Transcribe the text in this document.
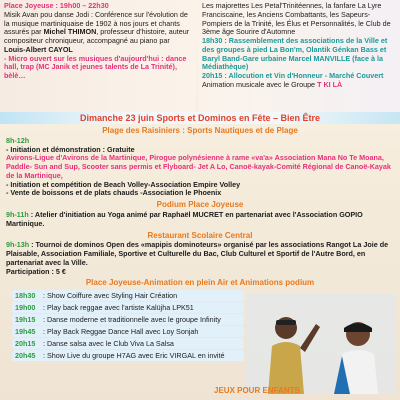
Place Joyeuse : 19h00 – 22h30

Misik Avan pou danse Jodi : Conférence sur l'évolution de la musique martiniquaise de 1902 à nos jours et chants assurés par Michel THIMON, professeur d'histoire, auteur compositeur chroniqueur, accompagné au piano par Louis-Albert CAYOL

- Micro ouvert sur les musiques d'aujourd'hui : dance hall, trap (MC Janik et jeunes talents de La Trinité), bèlè…

Les majorettes Les Petal'Trinitéennes, la fanfare La Lyre Franciscaine, les Anciens Combattants, les Sapeurs-Pompiers de la Trinité, les Élus et Personnalités, le Club de 3ème âge Sourire d'Automne

18h30 : Rassemblement des associations de la Ville et des groupes à pied La Bon'm, Olantik Génkan Bass et Baryl Band-Gare urbaine Marcel MANVILLE (face à la Médiathèque)

20h15 : Allocution et Vin d'Honneur - Marché Couvert

Animation musicale avec le Groupe T KI LÀ

Dimanche 23 juin Sports et Dominos en Fête – Bien Être
Plage des Raisiniers : Sports Nautiques et de Plage
8h-12h
- Initiation et démonstration : Gratuite
Avirons-Ligue d'Avirons de la Martinique, Pirogue polynésienne à rame «va'a» Association Mana No Te Moana, Paddle- Sun and Sup, Scooter sans permis et Flyboard- Jet A Lo, Canoë-kayak-Comité Régional de Canoë-Kayak de la Martinique,
- Initiation et compétition de Beach Volley-Association Empire Volley
- Vente de boissons et de plats chauds -Association le Phoenix
Podium Place Joyeuse

9h-11h : Atelier d'initiation au Yoga animé par Raphaël MUCRET en partenariat avec l'Association GOPIO Martinique.

Restaurant Scolaire Central

9h-13h : Tournoi de dominos Open des «mapipis dominoteurs» organisé par les associations Rangot La Joie de Plaisable, Association Familiale, Sportive et Culturelle du Bac, Club Culturel et Sportif de l'Autre Bord, en partenariat avec la Ville.

Participation : 5 €

Place Joyeuse-Animation en plein Air et Animations podium
18h30 : Show Coiffure avec Styling Hair Création
19h00 : Play back reggae avec l'artiste Kalüjha LPK51
19h15 : Danse moderne et traditionnelle avec le groupe Infinity
19h45 : Play Back Reggae Dance Hall avec Loy Sonjah
20h15 : Danse salsa avec le Club Viva La Salsa
20h45 : Show Live du groupe H7AG avec Eric VIRGAL en invité
JEUX POUR ENFANTS
